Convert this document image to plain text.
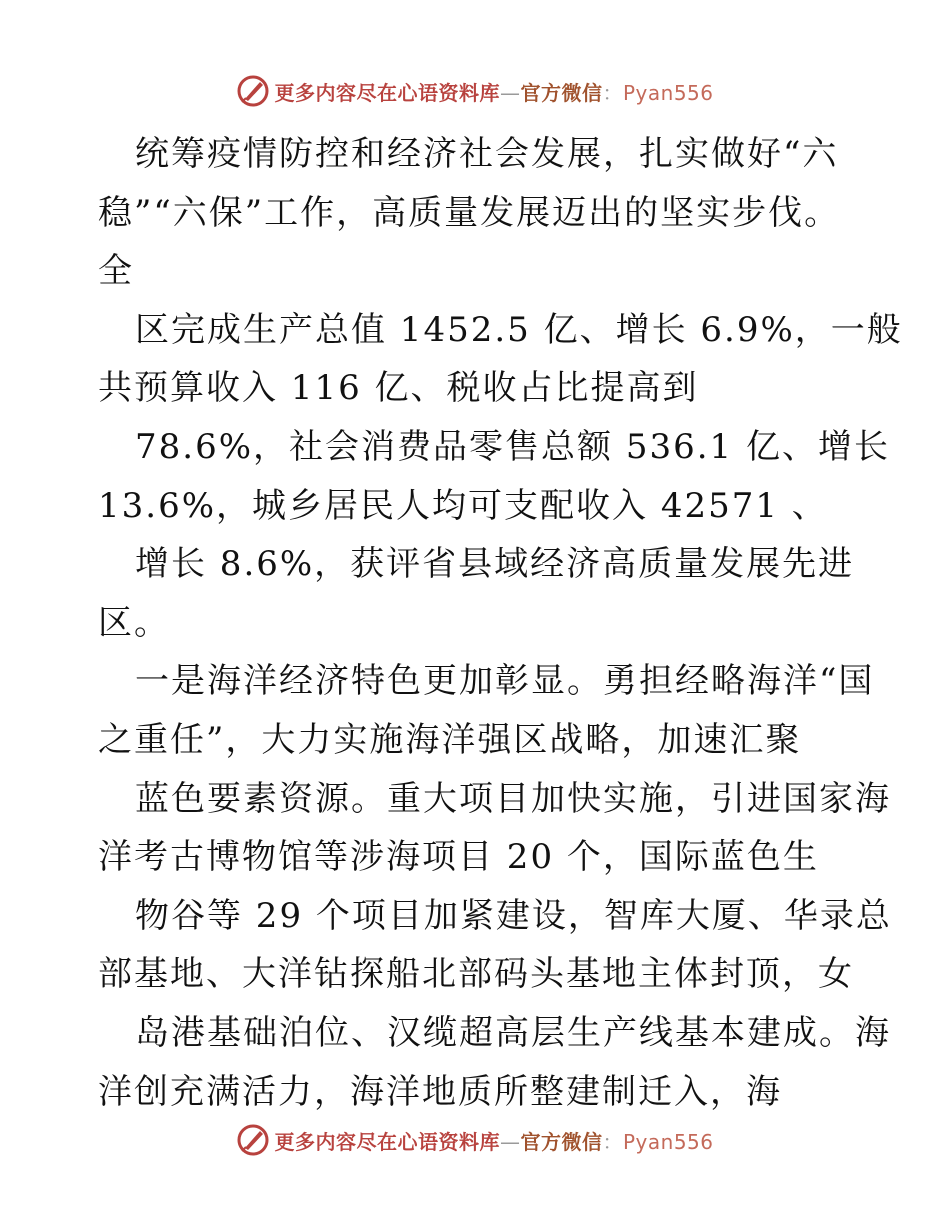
更多内容尽在心语资料库—官方微信：Pyan556
统筹疫情防控和经济社会发展，扎实做好“六
稳”“六保”工作，高质量发展迈出的坚实步伐。
全
区完成生产总值 1452.5 亿、增长 6.9%，一般
共预算收入 116 亿、税收占比提高到
78.6%，社会消费品零售总额 536.1 亿、增长
13.6%，城乡居民人均可支配收入 42571 、
增长 8.6%，获评省县域经济高质量发展先进
区。
一是海洋经济特色更加彰显。勇担经略海洋“国
之重任”，大力实施海洋强区战略，加速汇聚
蓝色要素资源。重大项目加快实施，引进国家海
洋考古博物馆等涉海项目 20 个，国际蓝色生
物谷等 29 个项目加紧建设，智库大厦、华录总
部基地、大洋钻探船北部码头基地主体封顶，女
岛港基础泊位、汉缆超高层生产线基本建成。海
洋创充满活力，海洋地质所整建制迁入，海
更多内容尽在心语资料库—官方微信：Pyan556
